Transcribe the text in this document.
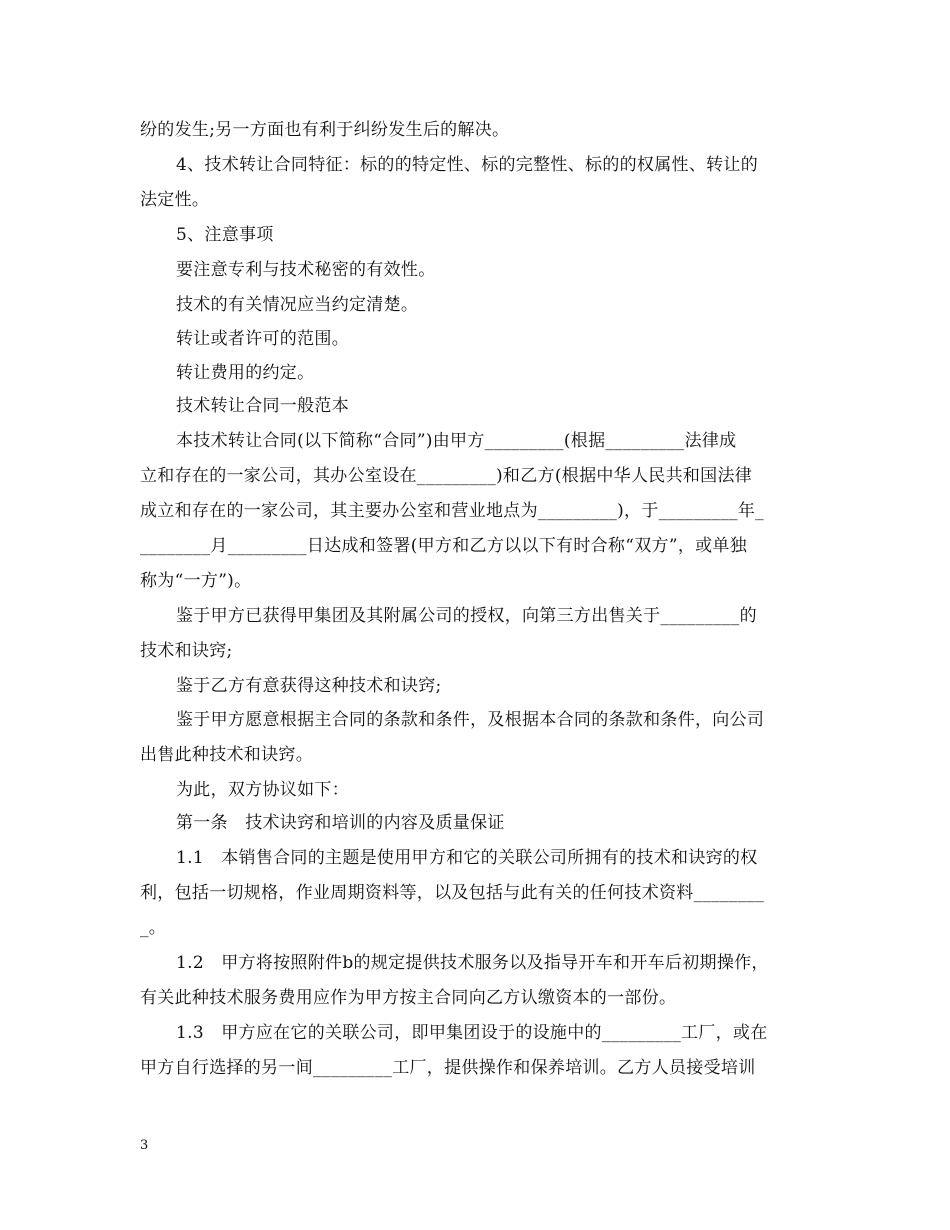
纷的发生;另一方面也有利于纠纷发生后的解决。
4、技术转让合同特征：标的的特定性、标的完整性、标的的权属性、转让的
法定性。
5、注意事项
要注意专利与技术秘密的有效性。
技术的有关情况应当约定清楚。
转让或者许可的范围。
转让费用的约定。
技术转让合同一般范本
本技术转让合同(以下简称“合同”)由甲方_________(根据_________法律成
立和存在的一家公司，其办公室设在_________)和乙方(根据中华人民共和国法律
成立和存在的一家公司，其主要办公室和营业地点为_________)，于_________年_
________月_________日达成和签署(甲方和乙方以以下有时合称“双方”，或单独
称为“一方”)。
鉴于甲方已获得甲集团及其附属公司的授权，向第三方出售关于_________的
技术和诀窍;
鉴于乙方有意获得这种技术和诀窍;
鉴于甲方愿意根据主合同的条款和条件，及根据本合同的条款和条件，向公司
出售此种技术和诀窍。
为此，双方协议如下：
第一条　技术诀窍和培训的内容及质量保证
1.1　本销售合同的主题是使用甲方和它的关联公司所拥有的技术和诀窍的权
利，包括一切规格，作业周期资料等，以及包括与此有关的任何技术资料________
_。
1.2　甲方将按照附件b的规定提供技术服务以及指导开车和开车后初期操作，
有关此种技术服务费用应作为甲方按主合同向乙方认缴资本的一部份。
1.3　甲方应在它的关联公司，即甲集团设于的设施中的_________工厂，或在
甲方自行选择的另一间_________工厂，提供操作和保养培训。乙方人员接受培训
3
